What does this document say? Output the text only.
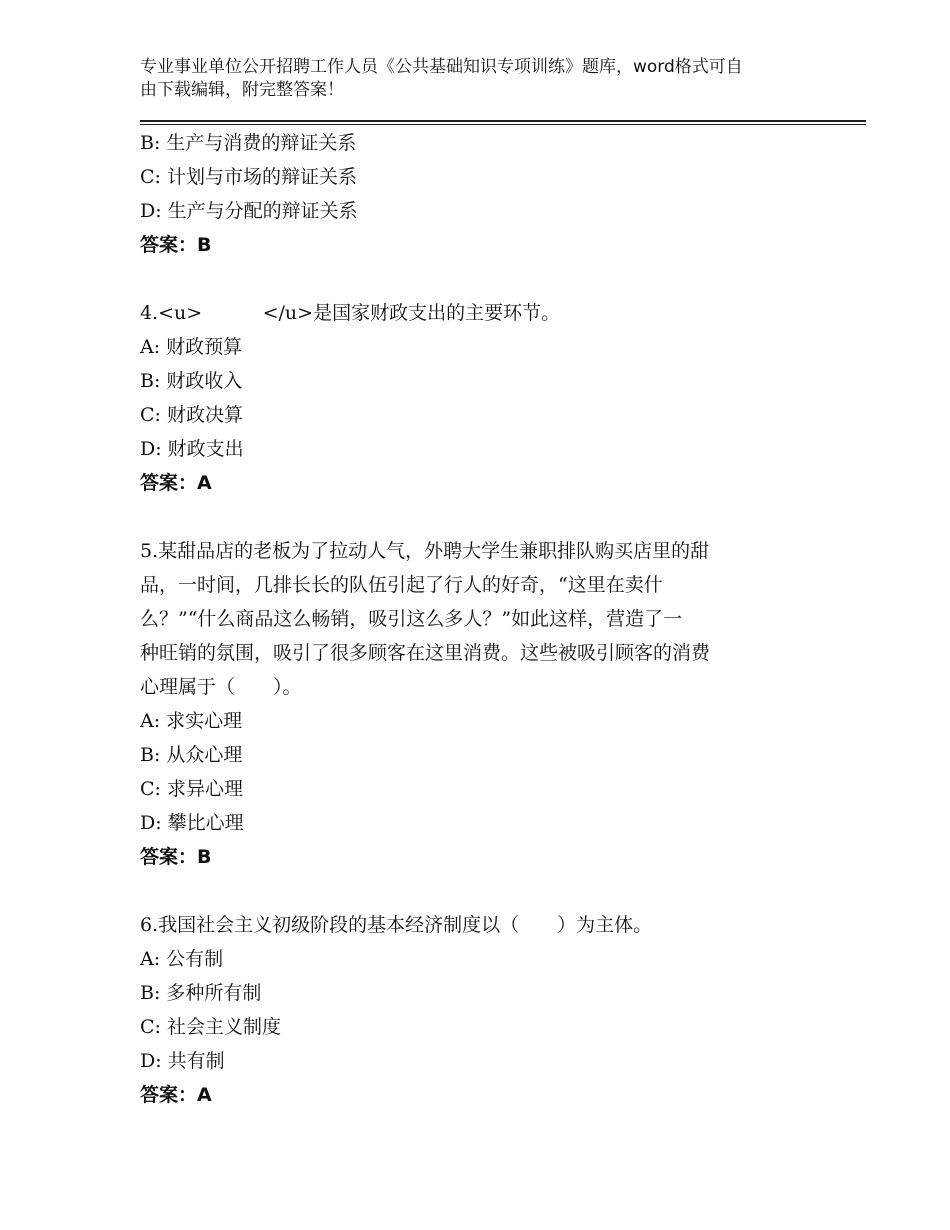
专业事业单位公开招聘工作人员《公共基础知识专项训练》题库，word格式可自
由下载编辑，附完整答案！
B: 生产与消费的辩证关系
C: 计划与市场的辩证关系
D: 生产与分配的辩证关系
答案：B
4.<u>          </u>是国家财政支出的主要环节。
A: 财政预算
B: 财政收入
C: 财政决算
D: 财政支出
答案：A
5.某甜品店的老板为了拉动人气，外聘大学生兼职排队购买店里的甜
品，一时间，几排长长的队伍引起了行人的好奇，“这里在卖什
么？”“什么商品这么畅销，吸引这么多人？”如此这样，营造了一
种旺销的氛围，吸引了很多顾客在这里消费。这些被吸引顾客的消费
心理属于（　　）。
A: 求实心理
B: 从众心理
C: 求异心理
D: 攀比心理
答案：B
6.我国社会主义初级阶段的基本经济制度以（　　）为主体。
A: 公有制
B: 多种所有制
C: 社会主义制度
D: 共有制
答案：A
